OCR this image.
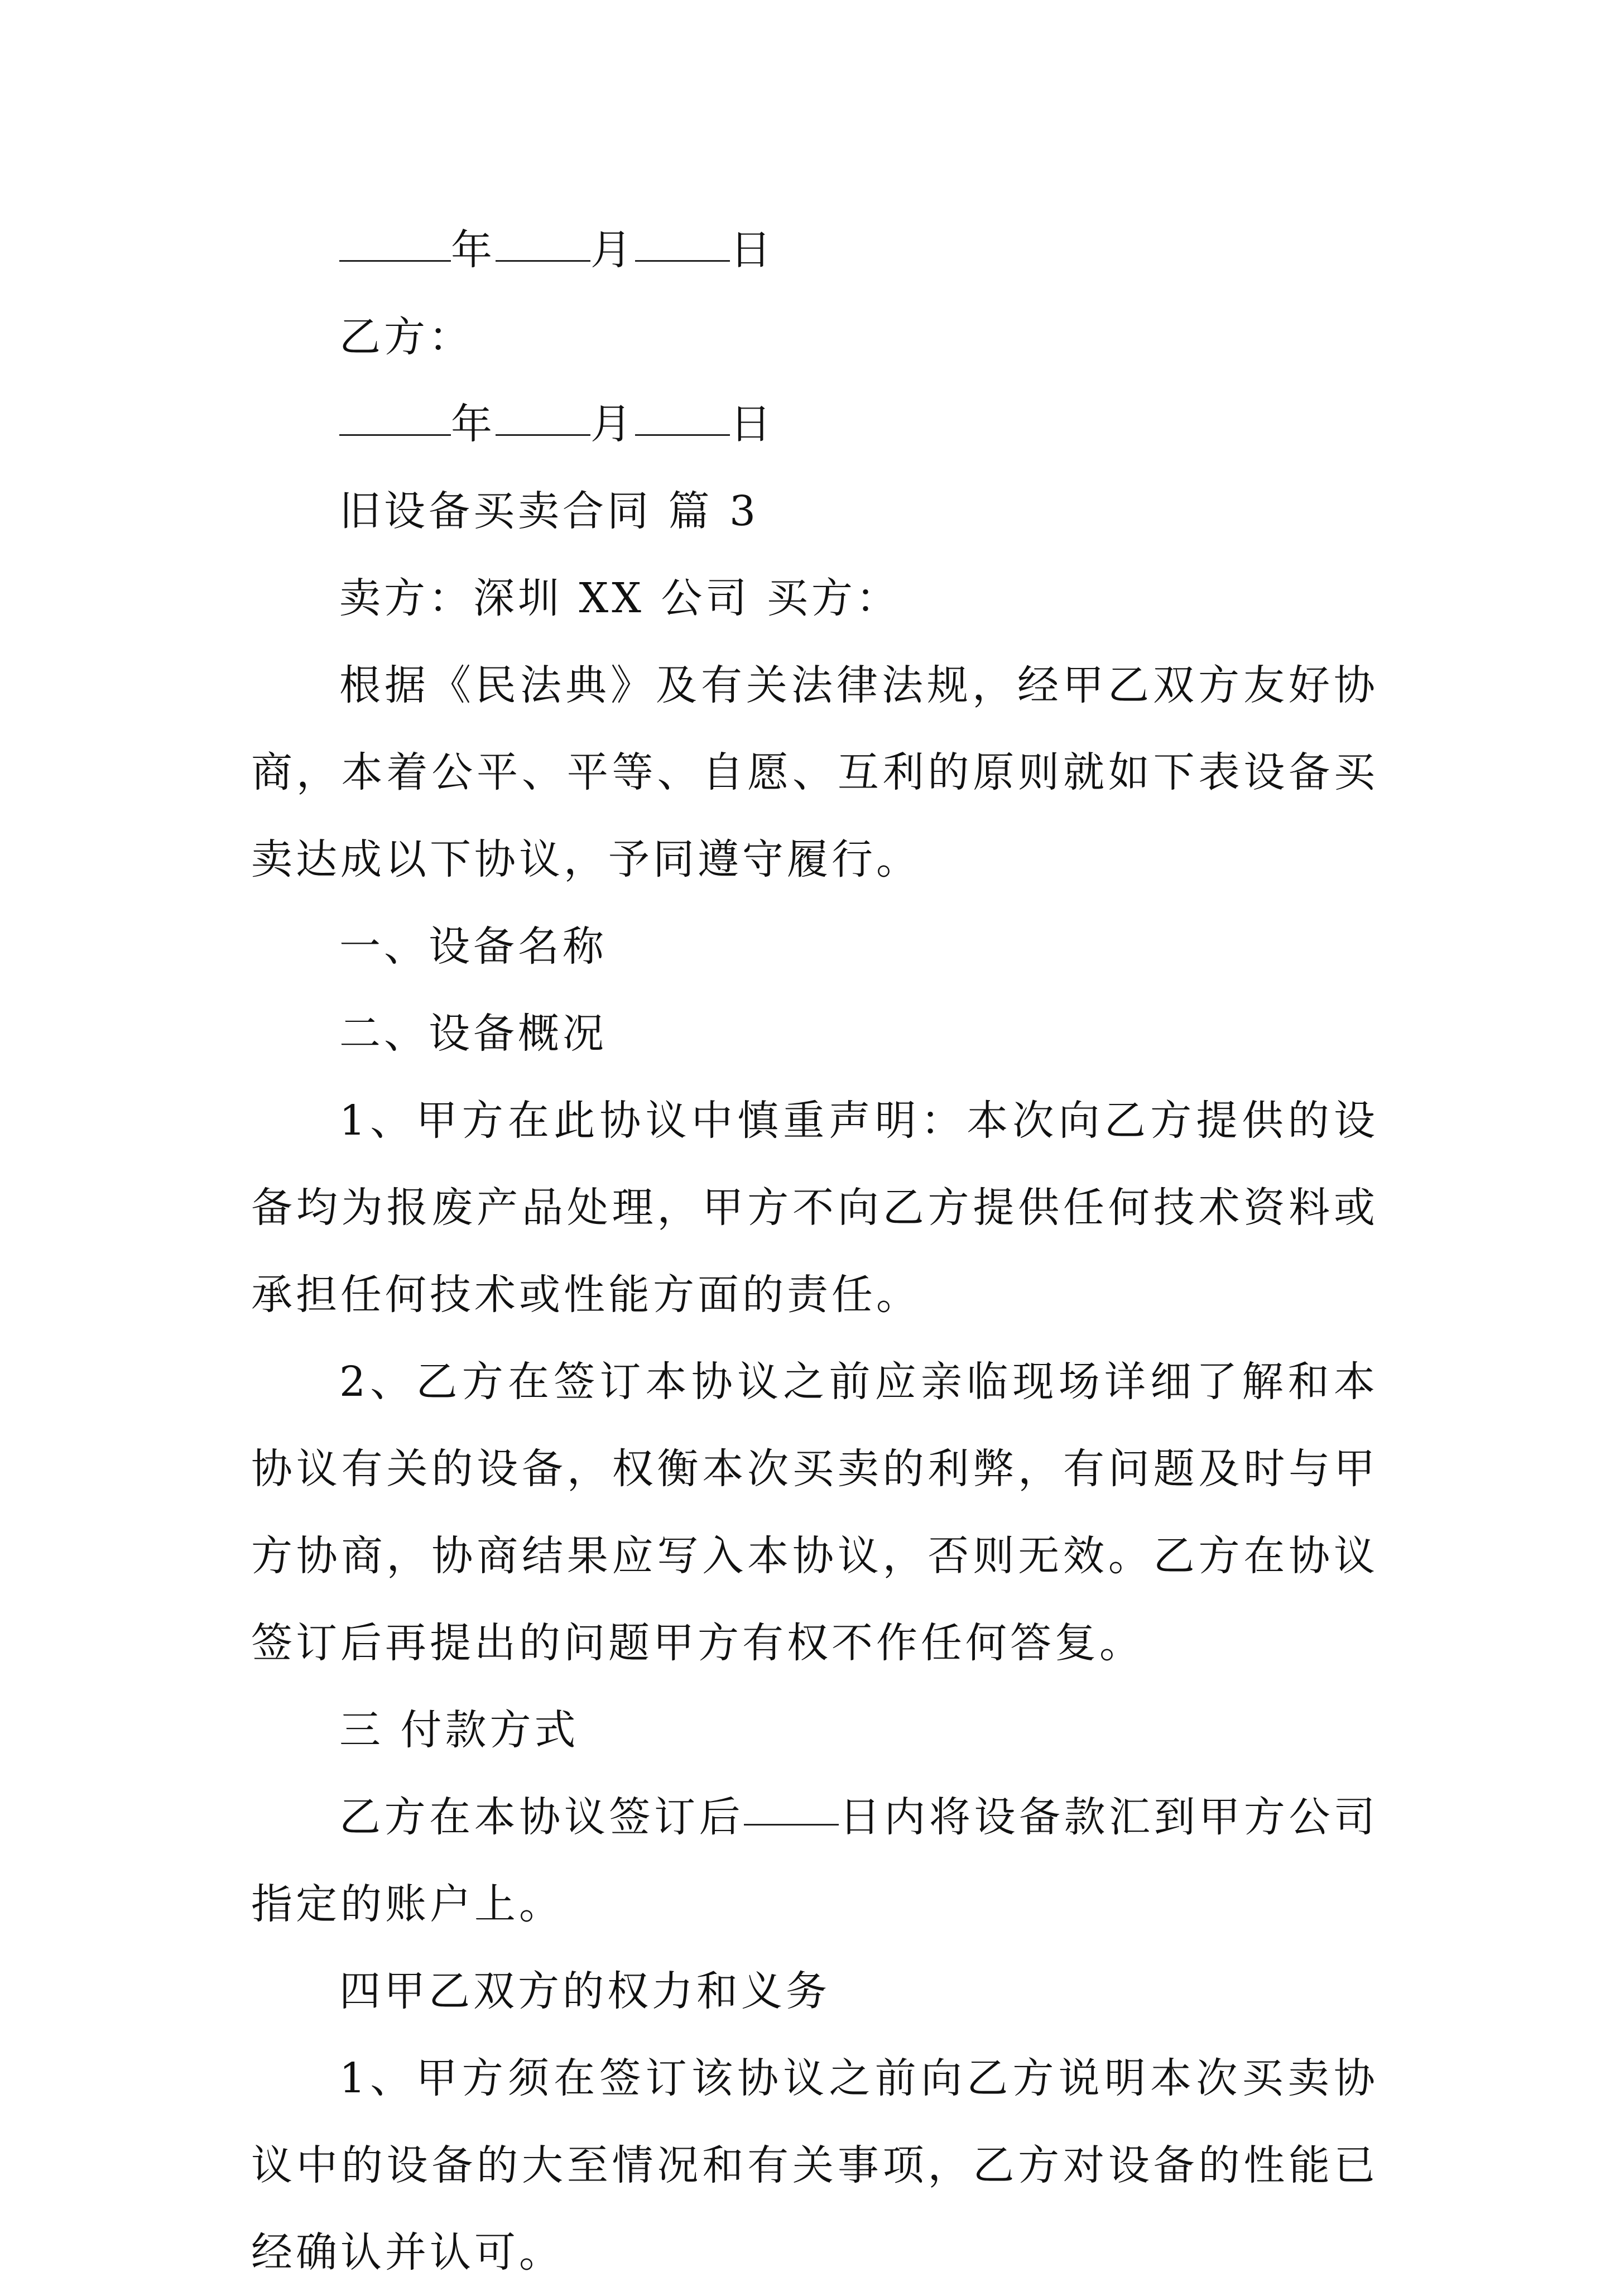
年 月 日
乙方：
年 月 日
旧设备买卖合同 篇 3
卖方：深圳 XX 公司 买方：

根据《民法典》及有关法律法规，经甲乙双方友好协商，本着公平、平等、自愿、互利的原则就如下表设备买卖达成以下协议，予同遵守履行。

一、设备名称
二、设备概况

1、甲方在此协议中慎重声明：本次向乙方提供的设备均为报废产品处理，甲方不向乙方提供任何技术资料或承担任何技术或性能方面的责任。

2、乙方在签订本协议之前应亲临现场详细了解和本协议有关的设备，权衡本次买卖的利弊，有问题及时与甲方协商，协商结果应写入本协议，否则无效。乙方在协议签订后再提出的问题甲方有权不作任何答复。

三 付款方式

乙方在本协议签订后 日内将设备款汇到甲方公司指定的账户上。

四甲乙双方的权力和义务

1、甲方须在签订该协议之前向乙方说明本次买卖协议中的设备的大至情况和有关事项，乙方对设备的性能已经确认并认可。
